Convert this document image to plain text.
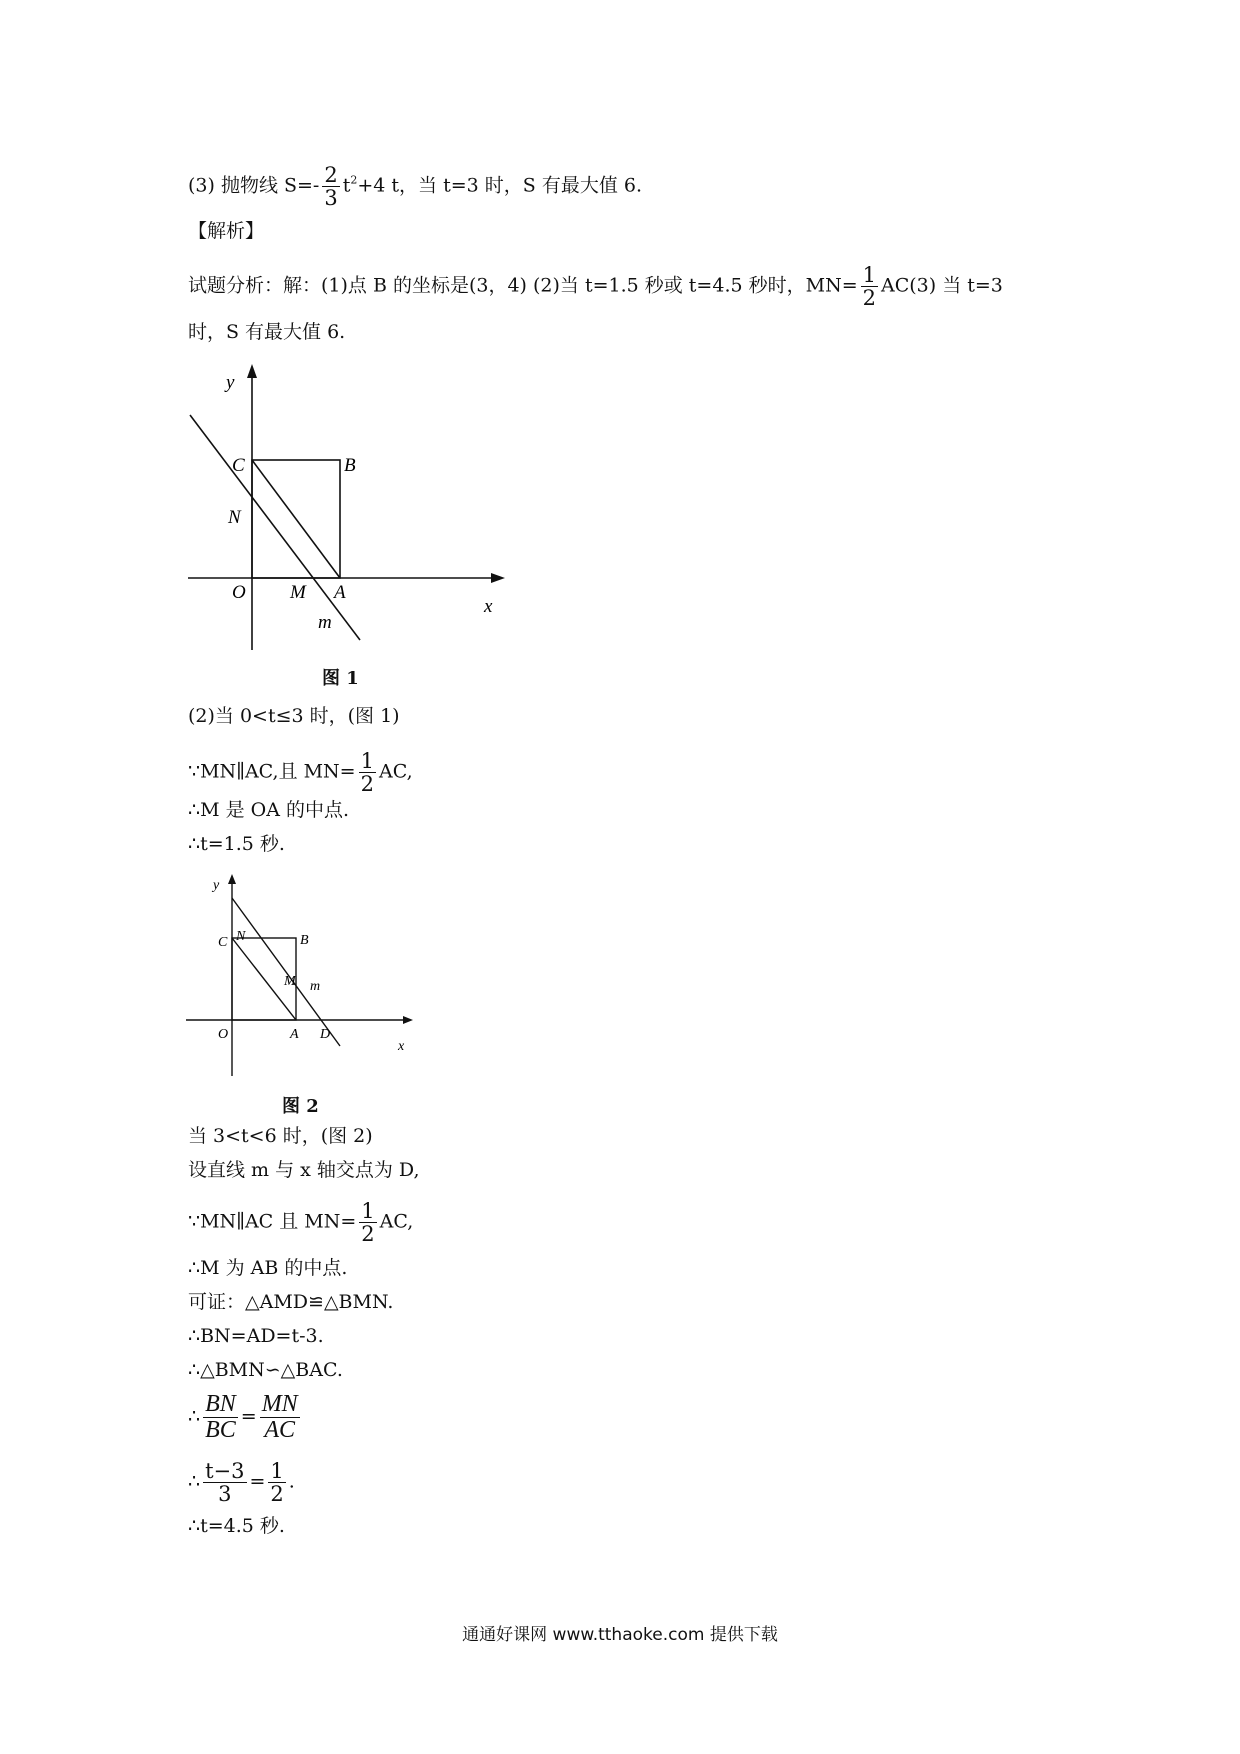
(3) 抛物线 $S=- \frac{2}{3} t^2+4$ t，当 t=3 时，S 有最大值 6.
【解析】
试题分析：解：(1)点 B 的坐标是(3，4) (2)当 t=1.5 秒或 t=4.5 秒时，$MN= \frac{1}{2} AC(3)$ 当 t=3
时，S 有最大值 6.
y
C	B
N
O M A
m
x
图 1
(2)当 0<t≤3 时，(图 1)
∵MN∥AC,且 $MN= \frac{1}{2}$ AC,
∴M 是 OA 的中点.
∴t=1.5 秒.
y
C N	B
M m
O	A D
x
图 2
当 3<t<6 时，(图 2)
设直线 m 与 x 轴交点为 D,
∵MN∥AC 且 $MN= \frac{1}{2}$ AC,
∴M 为 AB 的中点.
可证：△AMD≌△BMN.
∴BN=AD=t-3.
∴△BMN∽△BAC.
∴ $\frac{BN}{BC} = \frac{MN}{AC}$
∴ $\frac{t-3}{3} = \frac{1}{2}$ .
∴t=4.5 秒.
通通好课网 www.tthaoke.com 提供下载
